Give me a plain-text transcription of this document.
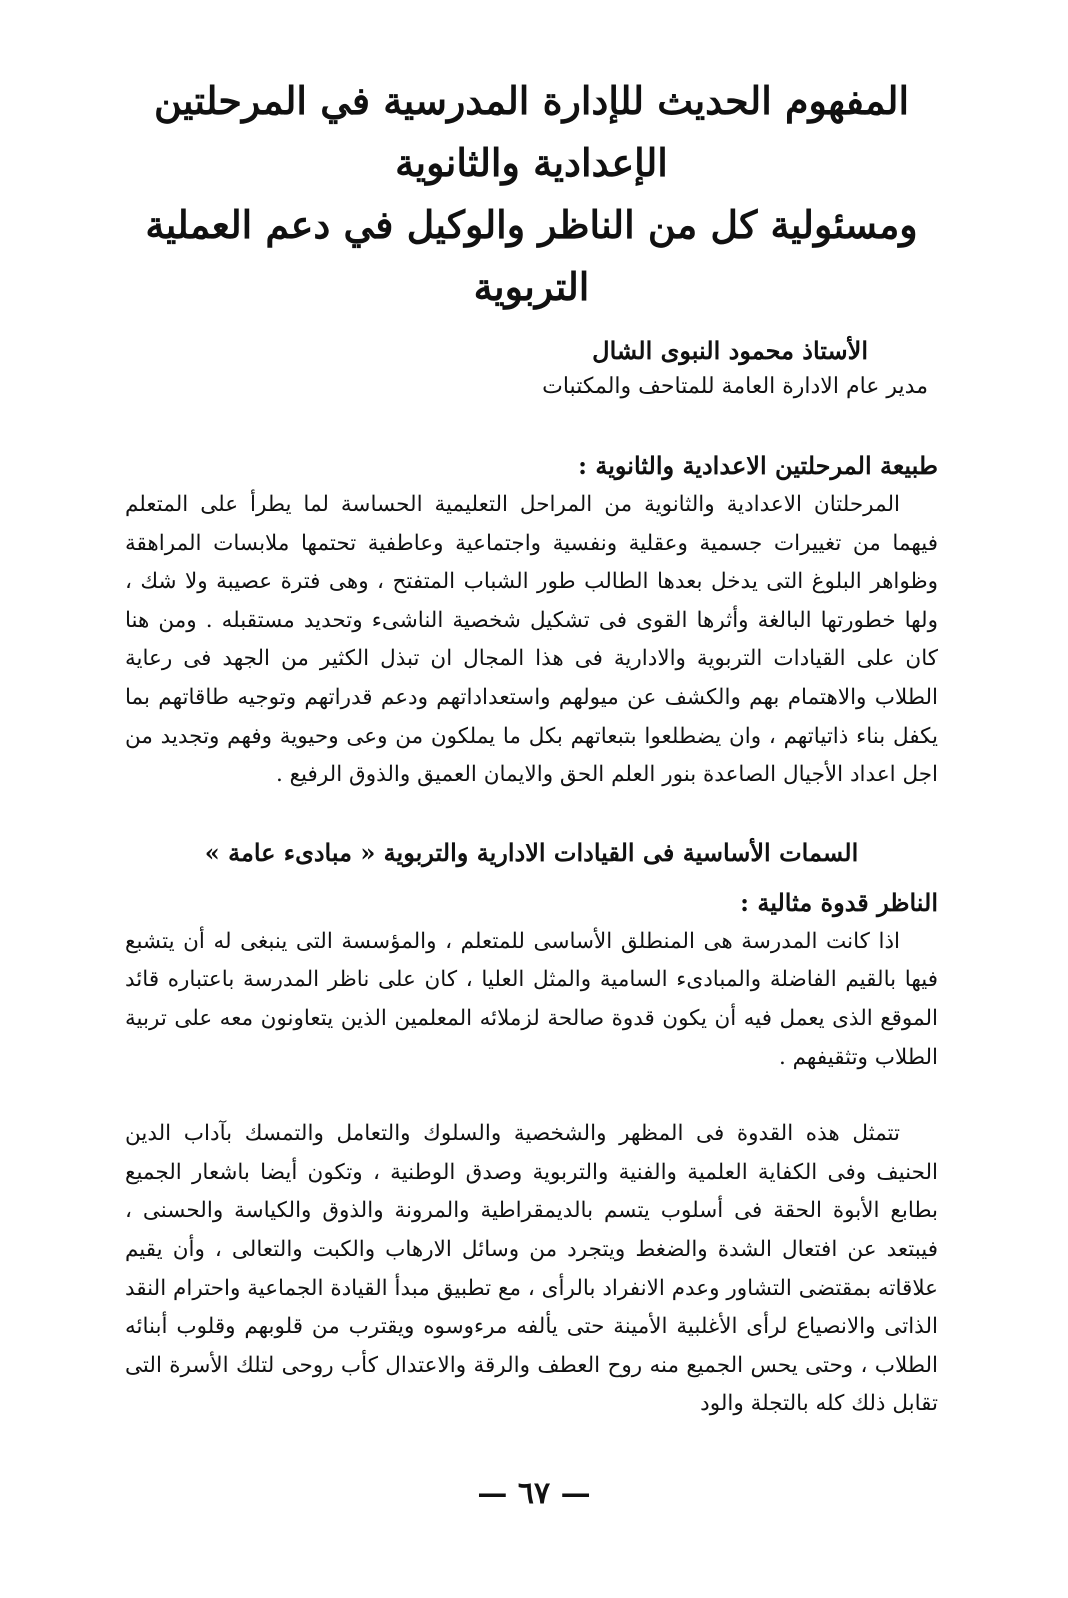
المفهوم الحديث للإدارة المدرسية في المرحلتين الإعدادية والثانوية
ومسئولية كل من الناظر والوكيل في دعم العملية التربوية
الأستاذ محمود النبوى الشال
مدير عام الادارة العامة للمتاحف والمكتبات
طبيعة المرحلتين الاعدادية والثانوية :

المرحلتان الاعدادية والثانوية من المراحل التعليمية الحساسة لما يطرأ على المتعلم فيهما من تغييرات جسمية وعقلية ونفسية واجتماعية وعاطفية تحتمها ملابسات المراهقة وظواهر البلوغ التى يدخل بعدها الطالب طور الشباب المتفتح ، وهى فترة عصيبة ولا شك ، ولها خطورتها البالغة وأثرها القوى فى تشكيل شخصية الناشىء وتحديد مستقبله . ومن هنا كان على القيادات التربوية والادارية فى هذا المجال ان تبذل الكثير من الجهد فى رعاية الطلاب والاهتمام بهم والكشف عن ميولهم واستعداداتهم ودعم قدراتهم وتوجيه طاقاتهم بما يكفل بناء ذاتياتهم ، وان يضطلعوا بتبعاتهم بكل ما يملكون من وعى وحيوية وفهم وتجديد من اجل اعداد الأجيال الصاعدة بنور العلم الحق والايمان العميق والذوق الرفيع .

السمات الأساسية فى القيادات الادارية والتربوية « مبادىء عامة »
الناظر قدوة مثالية :

اذا كانت المدرسة هى المنطلق الأساسى للمتعلم ، والمؤسسة التى ينبغى له أن يتشبع فيها بالقيم الفاضلة والمبادىء السامية والمثل العليا ، كان على ناظر المدرسة باعتباره قائد الموقع الذى يعمل فيه أن يكون قدوة صالحة لزملائه المعلمين الذين يتعاونون معه على تربية الطلاب وتثقيفهم .

تتمثل هذه القدوة فى المظهر والشخصية والسلوك والتعامل والتمسك بآداب الدين الحنيف وفى الكفاية العلمية والفنية والتربوية وصدق الوطنية ، وتكون أيضا باشعار الجميع بطابع الأبوة الحقة فى أسلوب يتسم بالديمقراطية والمرونة والذوق والكياسة والحسنى ، فيبتعد عن افتعال الشدة والضغط ويتجرد من وسائل الارهاب والكبت والتعالى ، وأن يقيم علاقاته بمقتضى التشاور وعدم الانفراد بالرأى ، مع تطبيق مبدأ القيادة الجماعية واحترام النقد الذاتى والانصياع لرأى الأغلبية الأمينة حتى يألفه مرءوسوه ويقترب من قلوبهم وقلوب أبنائه الطلاب ، وحتى يحس الجميع منه روح العطف والرقة والاعتدال كأب روحى لتلك الأسرة التى تقابل ذلك كله بالتجلة والود

— ٦٧ —
